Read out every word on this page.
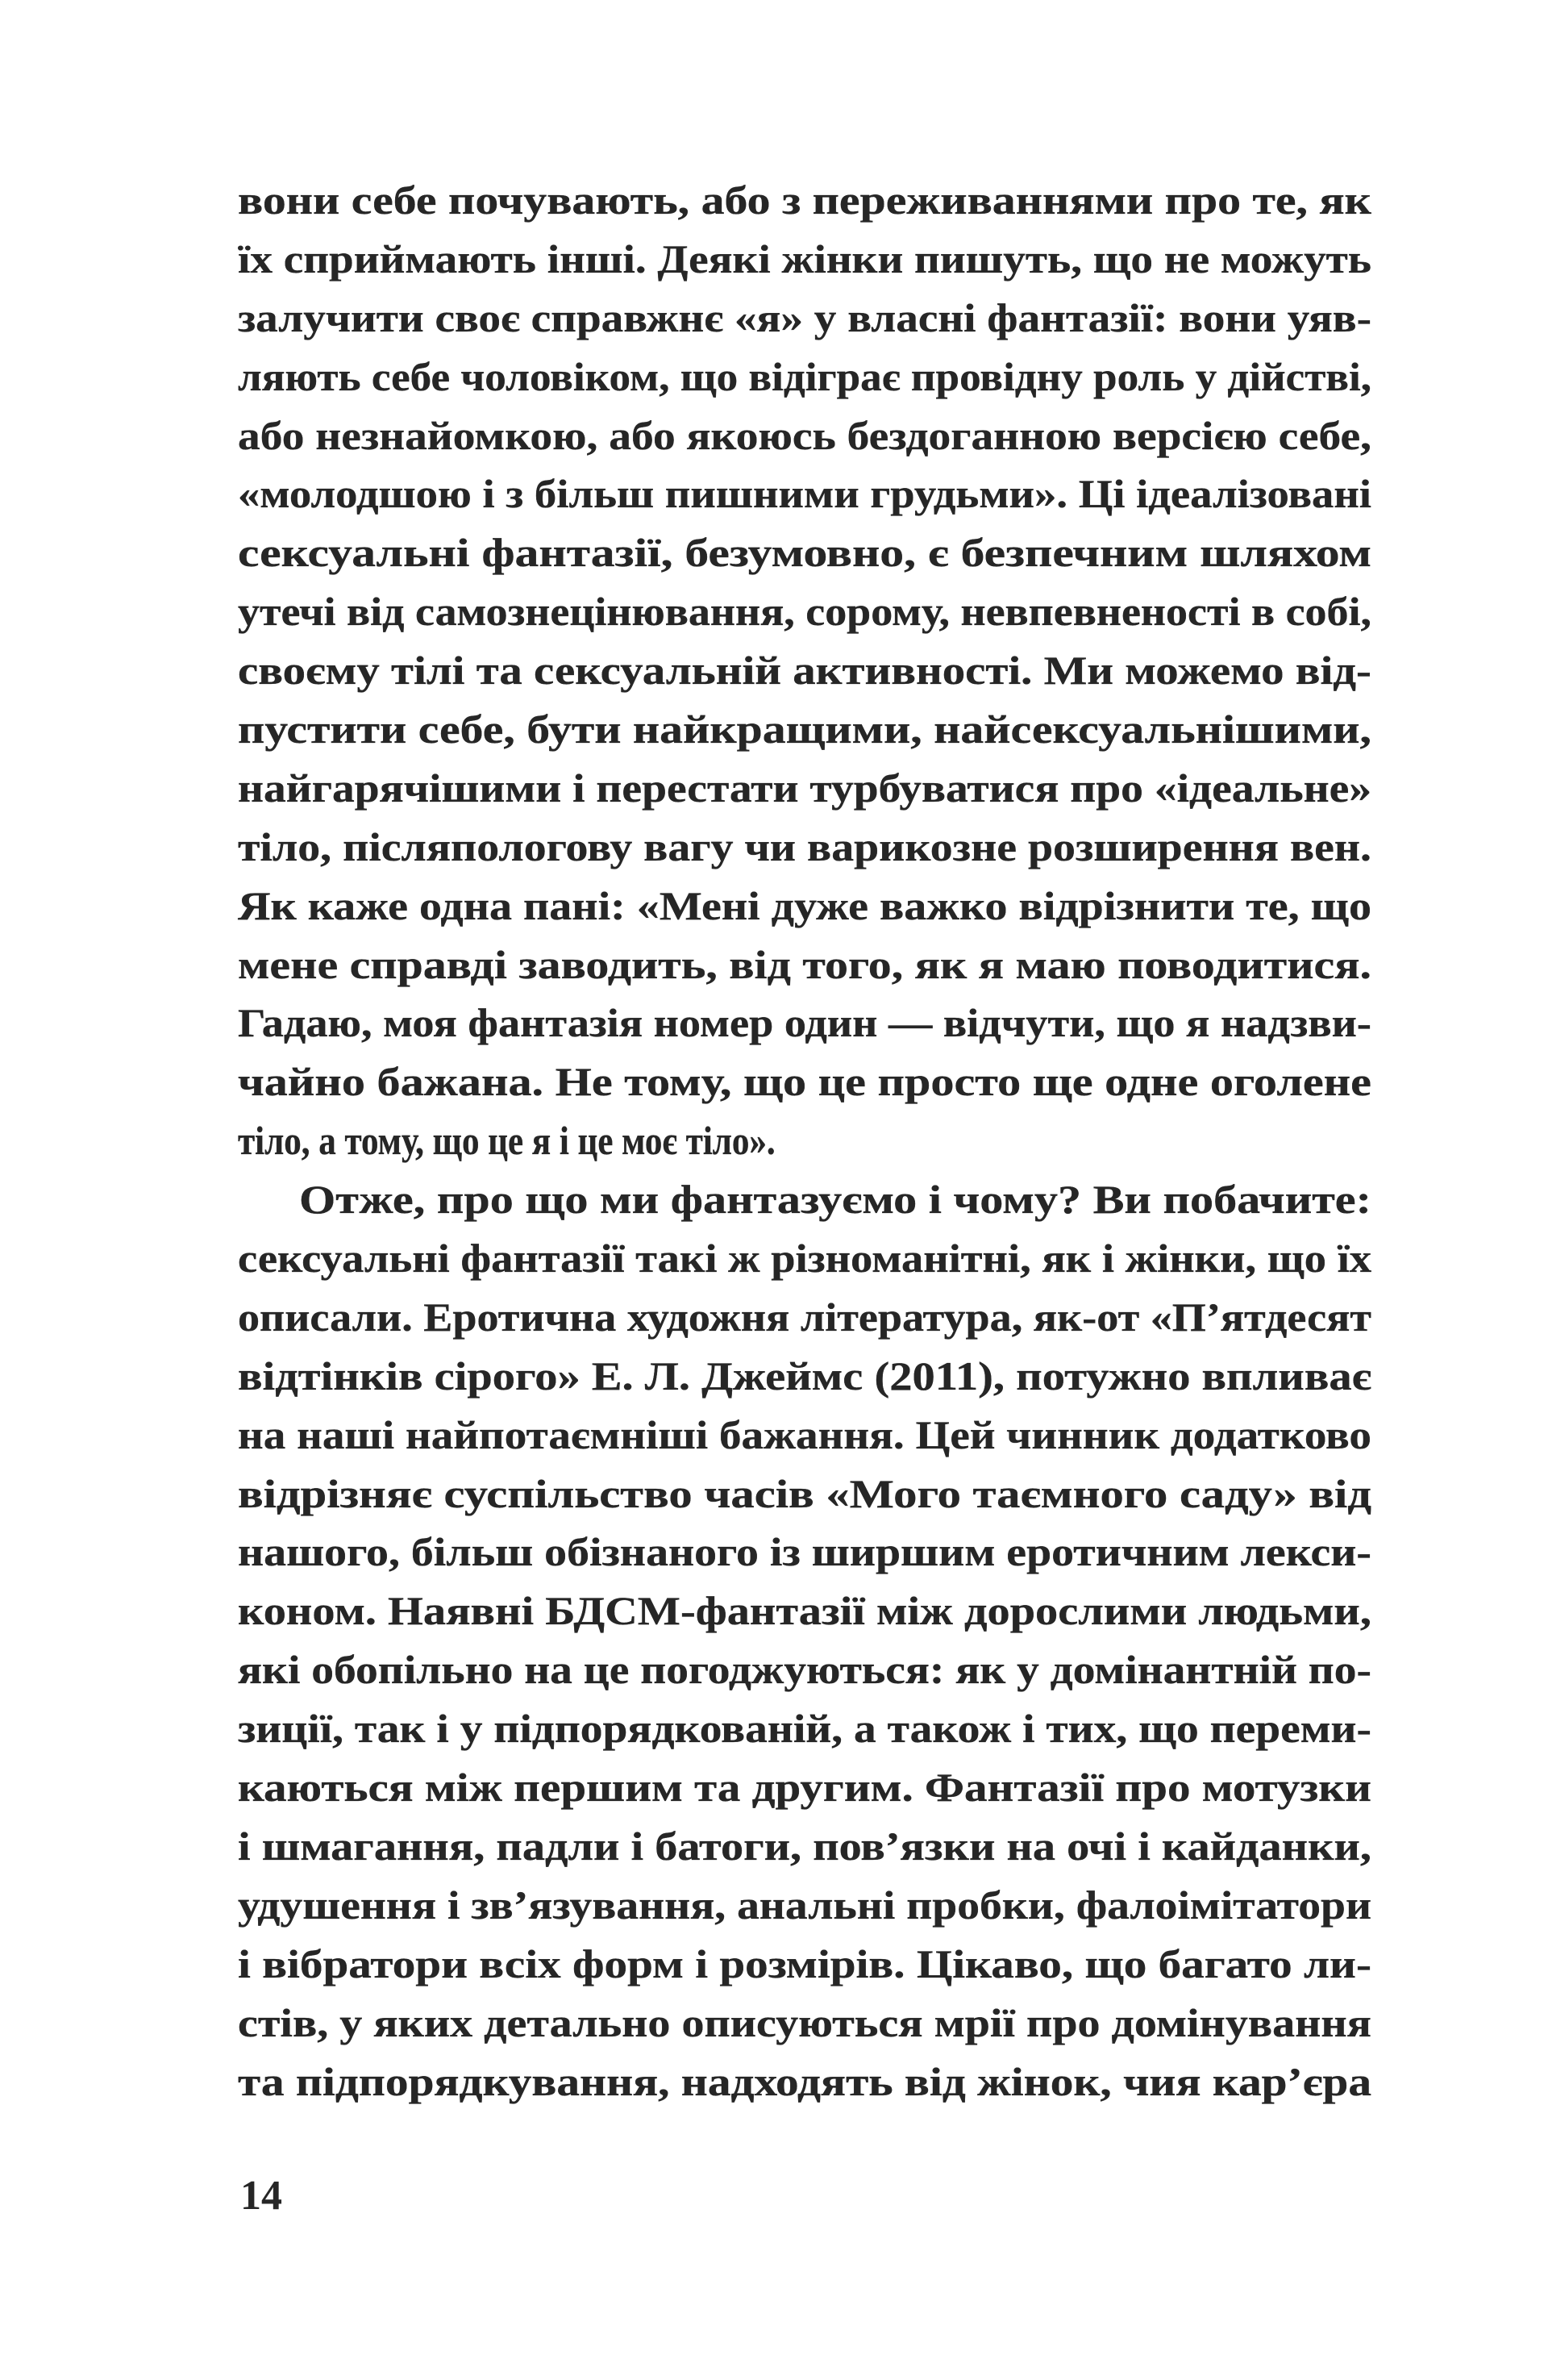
вони себе почувають, або з переживаннями про те, як
їх сприймають інші. Деякі жінки пишуть, що не можуть
залучити своє справжнє «я» у власні фантазії: вони уяв-
ляють себе чоловіком, що відіграє провідну роль у дійстві,
або незнайомкою, або якоюсь бездоганною версією себе,
«молодшою і з більш пишними грудьми». Ці ідеалізовані
сексуальні фантазії, безумовно, є безпечним шляхом
утечі від самознецінювання, сорому, невпевненості в собі,
своєму тілі та сексуальній активності. Ми можемо від-
пустити себе, бути найкращими, найсексуальнішими,
найгарячішими і перестати турбуватися про «ідеальне»
тіло, післяпологову вагу чи варикозне розширення вен.
Як каже одна пані: «Мені дуже важко відрізнити те, що
мене справді заводить, від того, як я маю поводитися.
Гадаю, моя фантазія номер один — відчути, що я надзви-
чайно бажана. Не тому, що це просто ще одне оголене
тіло, а тому, що це я і це моє тіло».
Отже, про що ми фантазуємо і чому? Ви побачите:
сексуальні фантазії такі ж різноманітні, як і жінки, що їх
описали. Еротична художня література, як-от «Пʼятдесят
відтінків сірого» Е. Л. Джеймс (2011), потужно впливає
на наші найпотаємніші бажання. Цей чинник додатково
відрізняє суспільство часів «Мого таємного саду» від
нашого, більш обізнаного із ширшим еротичним лекси-
коном. Наявні БДСМ-фантазії між дорослими людьми,
які обопільно на це погоджуються: як у домінантній по-
зиції, так і у підпорядкованій, а також і тих, що переми-
каються між першим та другим. Фантазії про мотузки
і шмагання, падли і батоги, повʼязки на очі і кайданки,
удушення і звʼязування, анальні пробки, фалоімітатори
і вібратори всіх форм і розмірів. Цікаво, що багато ли-
стів, у яких детально описуються мрії про домінування
та підпорядкування, надходять від жінок, чия карʼєра
14
